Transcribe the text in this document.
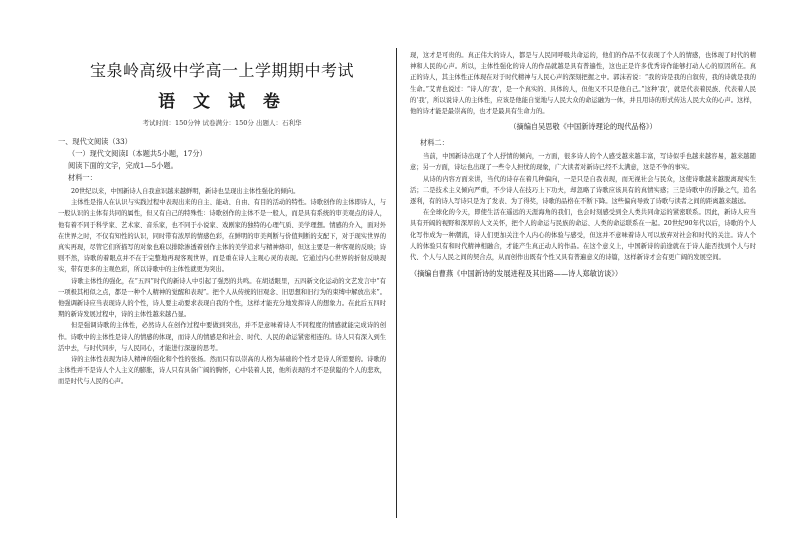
宝泉岭高级中学高一上学期期中考试
语 文 试 卷
考试时间：150分钟 试卷满分：150分 出题人：石利华
一、现代文阅读（33）
（一）现代文阅读Ⅰ（本题共5小题，17分）
阅读下面的文字，完成1—5小题。
材料一：

20世纪以来，中国新诗人自我意识越来越鲜明，新诗也呈现出主体性强化的倾向。

主体性是指人在认识与实践过程中表现出来的自主、能动、自由、有目的活动的特性。诗歌创作的主体即诗人，与一般认识的主体有共同的属性，但又有自己的特殊性：诗歌创作的主体不是一般人，而是具有系统的审美观点的诗人，他有着不同于科学家、艺术家、音乐家，也不同于小说家、戏剧家的独特的心理气质、美学理想。情感的介入，面对外在世界之时，不仅有知性的认识，同时带有浓厚的情感色彩，在鲜明的审美判断与价值判断的支配下，对于现实世界的真实再现，尽管它们所描写的对象也难以排除渗透着创作主体的美学追求与精神烙印，但这主要是一种客观的反映；诗则不然，诗歌的着眼点并不在于完整地再现客观世界，而是重在诗人主观心灵的表现。它通过内心世界的折射反映现实，带有更多的主观色彩，所以诗歌中的主体性就更为突出。

诗歌主体性的强化，在“五四”时代的新诗人中引起了强烈的共鸣。在胡适眼里，五四新文化运动的文艺发言中“有一项极其相似之点，都是一种个人精神的觉醒和表现”。把个人从传统的旧观念、旧思想和旧行为的束缚中解放出来”。他强调新诗应当表现诗人的个性，诗人要主动要求表现自我的个性，这样才能充分地发挥诗人的想象力。在此后五四时期的新诗发展过程中，诗的主体性越来越凸显。

但是强调诗歌的主体性，必然诗人在创作过程中要做到突出，并不是意味着诗人不同程度的情感就能完成诗的创作。诗歌中的主体性是诗人的情感的体现，而诗人的情感是和社会、时代、人民的命运紧密相连的。诗人只有深入到生活中去，与时代同步，与人民同心，才能进行深邃的思考。

诗的主体性表现为诗人精神的强化和个性的张扬。然而只有以崇高的人格为基础的个性才是诗人所需要的。诗歌的主体性并不是诗人个人主义的膨胀，诗人只有具备广阔的胸怀，心中装着人民，他所表现的才不是狭隘的个人的悲欢，而是时代与人民的心声。

现，这才是可贵的。真正伟大的诗人，都是与人民同呼吸共命运的，他们的作品不仅表现了个人的情感，也体现了时代的精神和人民的心声。所以，主体性强化的诗人的作品就越是具有普遍性，这也正是许多优秀诗作能够打动人心的原因所在。真正的诗人，其主体性正体现在对于时代精神与人民心声的深刻把握之中。郭沫若说：“我的诗是我的自叙传，我的诗就是我的生命。”艾青也说过：“诗人的’我’，是一个真实的、具体的人，但他又不只是他自己。”这种‘我’，就是代表着民族、代表着人民的‘我’，所以说诗人的主体性，应该是他能自觉地与人民大众的命运融为一体，并且用诗的形式传达人民大众的心声。这样，他的诗才能是最崇高的，也才是最具有生命力的。

（摘编自吴思敬《中国新诗理论的现代品格》）
材料二：

当前，中国新诗出现了个人抒情的倾向，一方面，很多诗人的个人感受越来越丰富，写诗似乎也越来越容易，越来越随意；另一方面，诗坛也出现了一些令人担忧的现象，广大读者对新诗已经不太满意，这是不争的事实。

从诗的内容方面来讲，当代的诗存在着几种偏向，一是只是自我表现，而无视社会与民众，这使诗歌越来越脱离现实生活；二是技术主义倾向严重，不少诗人在技巧上下功夫，却忽略了诗歌应该具有的真情实感；三是诗歌中的浮躁之气，追名逐利，有的诗人写诗只是为了发表、为了得奖，诗歌的品格在不断下降。这些偏向导致了诗歌与读者之间的距离越来越远。

在全球化的今天，即使生活在遥远的天涯海角的我们，也会时刻感受到全人类共同命运的紧密联系。因此，新诗人应当具有开阔的视野和深厚的人文关怀，把个人的命运与民族的命运、人类的命运联系在一起。20世纪90年代以后，诗歌的个人化写作成为一种潮流，诗人们更加关注个人内心的体验与感受，但这并不意味着诗人可以放弃对社会和时代的关注。诗人个人的体验只有和时代精神相融合，才能产生真正动人的作品。在这个意义上，中国新诗的前途就在于诗人能否找到个人与时代、个人与人民之间的契合点，从而创作出既有个性又具有普遍意义的诗篇，这样新诗才会有更广阔的发展空间。

（摘编自曹燕《中国新诗的发展进程及其出路——诗人郑敏访谈》）
